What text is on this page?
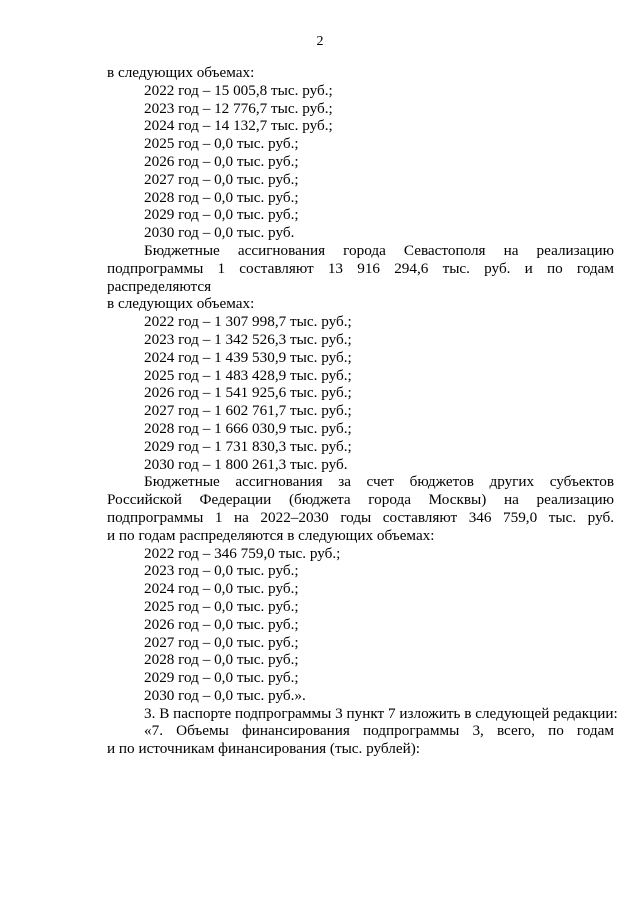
2
в следующих объемах:
2022 год – 15 005,8 тыс. руб.;
2023 год – 12 776,7 тыс. руб.;
2024 год – 14 132,7 тыс. руб.;
2025 год – 0,0 тыс. руб.;
2026 год – 0,0 тыс. руб.;
2027 год – 0,0 тыс. руб.;
2028 год – 0,0 тыс. руб.;
2029 год – 0,0 тыс. руб.;
2030 год – 0,0 тыс. руб.
Бюджетные ассигнования города Севастополя на реализацию
подпрограммы 1 составляют 13 916 294,6 тыс. руб. и по годам распределяются
в следующих объемах:
2022 год – 1 307 998,7 тыс. руб.;
2023 год – 1 342 526,3 тыс. руб.;
2024 год – 1 439 530,9 тыс. руб.;
2025 год – 1 483 428,9 тыс. руб.;
2026 год – 1 541 925,6 тыс. руб.;
2027 год – 1 602 761,7 тыс. руб.;
2028 год – 1 666 030,9 тыс. руб.;
2029 год – 1 731 830,3 тыс. руб.;
2030 год – 1 800 261,3 тыс. руб.
Бюджетные ассигнования за счет бюджетов других субъектов
Российской Федерации (бюджета города Москвы) на реализацию
подпрограммы 1 на 2022–2030 годы составляют 346 759,0 тыс. руб.
и по годам распределяются в следующих объемах:
2022 год – 346 759,0 тыс. руб.;
2023 год – 0,0 тыс. руб.;
2024 год – 0,0 тыс. руб.;
2025 год – 0,0 тыс. руб.;
2026 год – 0,0 тыс. руб.;
2027 год – 0,0 тыс. руб.;
2028 год – 0,0 тыс. руб.;
2029 год – 0,0 тыс. руб.;
2030 год – 0,0 тыс. руб.».
3. В паспорте подпрограммы 3 пункт 7 изложить в следующей редакции:
«7. Объемы финансирования подпрограммы 3, всего, по годам
и по источникам финансирования (тыс. рублей):
